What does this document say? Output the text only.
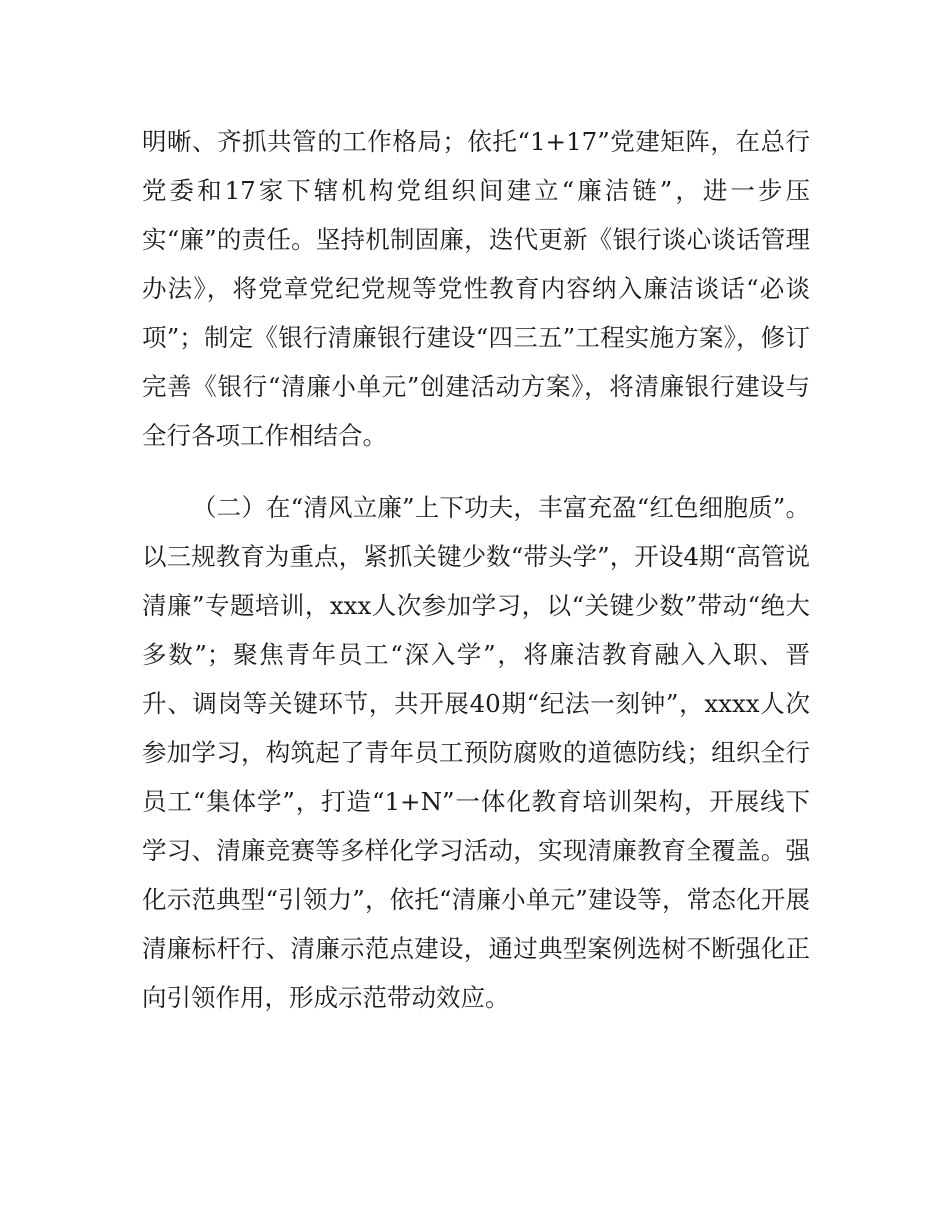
明晰、齐抓共管的工作格局；依托“1+17”党建矩阵，在总行党委和17家下辖机构党组织间建立“廉洁链”，进一步压实“廉”的责任。坚持机制固廉，迭代更新《银行谈心谈话管理办法》，将党章党纪党规等党性教育内容纳入廉洁谈话“必谈项”；制定《银行清廉银行建设“四三五”工程实施方案》，修订完善《银行“清廉小单元”创建活动方案》，将清廉银行建设与全行各项工作相结合。

（二）在“清风立廉”上下功夫，丰富充盈“红色细胞质”。以三规教育为重点，紧抓关键少数“带头学”，开设4期“高管说清廉”专题培训，xxx人次参加学习，以“关键少数”带动“绝大多数”；聚焦青年员工“深入学”，将廉洁教育融入入职、晋升、调岗等关键环节，共开展40期“纪法一刻钟”，xxxx人次参加学习，构筑起了青年员工预防腐败的道德防线；组织全行员工“集体学”，打造“1+N”一体化教育培训架构，开展线下学习、清廉竞赛等多样化学习活动，实现清廉教育全覆盖。强化示范典型“引领力”，依托“清廉小单元”建设等，常态化开展清廉标杆行、清廉示范点建设，通过典型案例选树不断强化正向引领作用，形成示范带动效应。
